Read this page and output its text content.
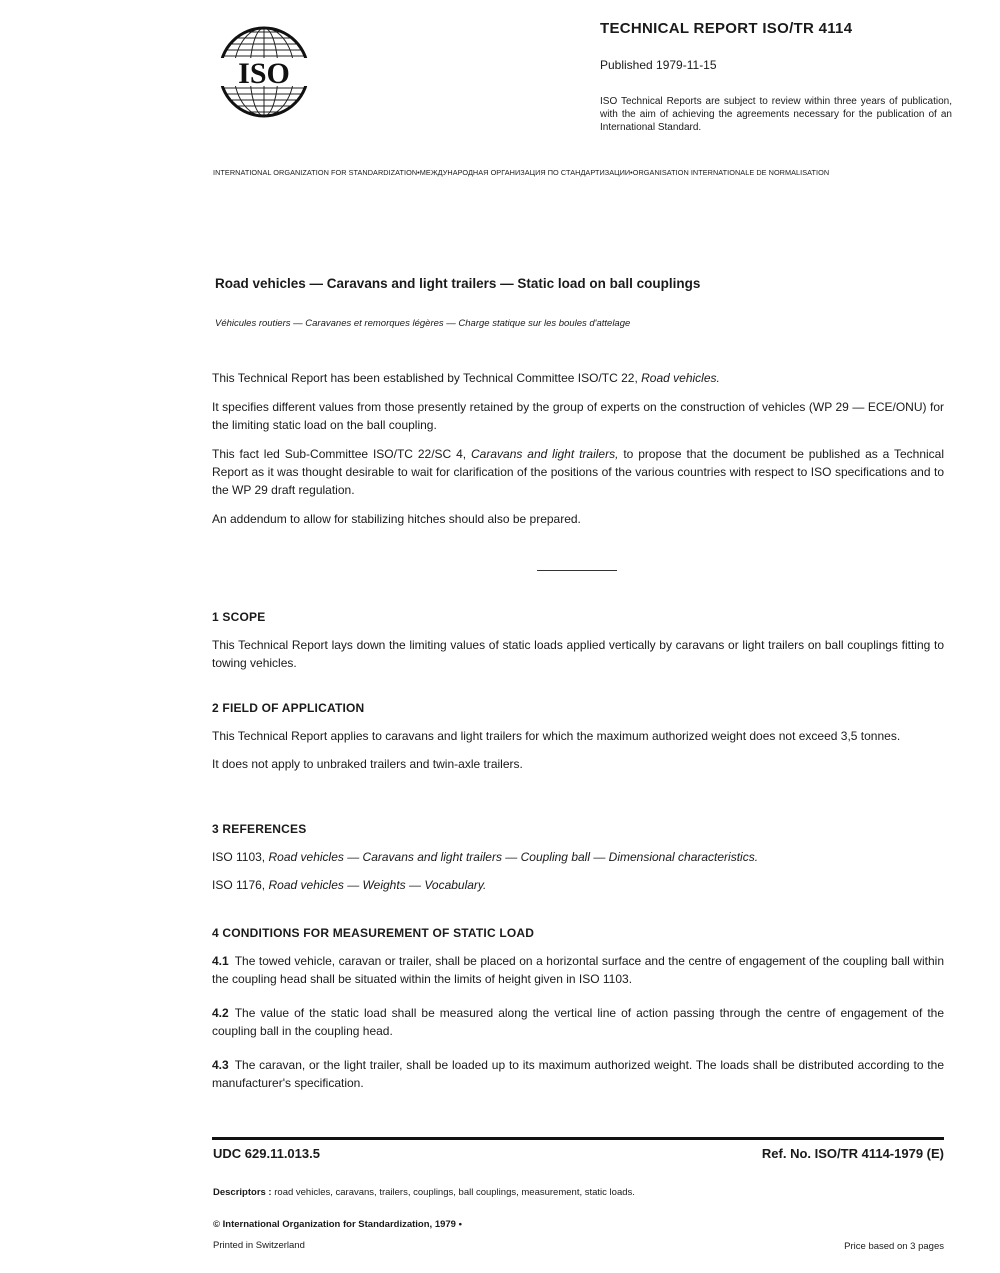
ISO
TECHNICAL REPORT ISO/TR 4114
Published 1979-11-15
ISO Technical Reports are subject to review within three years of publication, with the aim of achieving the agreements necessary for the publication of an International Standard.
INTERNATIONAL ORGANIZATION FOR STANDARDIZATION•МЕЖДУНАРОДНАЯ ОРГАНИЗАЦИЯ ПО СТАНДАРТИЗАЦИИ•ORGANISATION INTERNATIONALE DE NORMALISATION
Road vehicles — Caravans and light trailers — Static load on ball couplings
Véhicules routiers — Caravanes et remorques légères — Charge statique sur les boules d'attelage

This Technical Report has been established by Technical Committee ISO/TC 22, Road vehicles.

It specifies different values from those presently retained by the group of experts on the construction of vehicles (WP 29 — ECE/ONU) for the limiting static load on the ball coupling.

This fact led Sub-Committee ISO/TC 22/SC 4, Caravans and light trailers, to propose that the document be published as a Technical Report as it was thought desirable to wait for clarification of the positions of the various countries with respect to ISO specifications and to the WP 29 draft regulation.

An addendum to allow for stabilizing hitches should also be prepared.

1 SCOPE

This Technical Report lays down the limiting values of static loads applied vertically by caravans or light trailers on ball couplings fitting to towing vehicles.

2 FIELD OF APPLICATION

This Technical Report applies to caravans and light trailers for which the maximum authorized weight does not exceed 3,5 tonnes.

It does not apply to unbraked trailers and twin-axle trailers.

3 REFERENCES

ISO 1103, Road vehicles — Caravans and light trailers — Coupling ball — Dimensional characteristics.

ISO 1176, Road vehicles — Weights — Vocabulary.

4 CONDITIONS FOR MEASUREMENT OF STATIC LOAD

4.1 The towed vehicle, caravan or trailer, shall be placed on a horizontal surface and the centre of engagement of the coupling ball within the coupling head shall be situated within the limits of height given in ISO 1103.

4.2 The value of the static load shall be measured along the vertical line of action passing through the centre of engagement of the coupling ball in the coupling head.

4.3 The caravan, or the light trailer, shall be loaded up to its maximum authorized weight. The loads shall be distributed according to the manufacturer's specification.

UDC 629.11.013.5	Ref. No. ISO/TR 4114-1979 (E)
Descriptors : road vehicles, caravans, trailers, couplings, ball couplings, measurement, static loads.
© International Organization for Standardization, 1979 •
Printed in Switzerland	Price based on 3 pages
